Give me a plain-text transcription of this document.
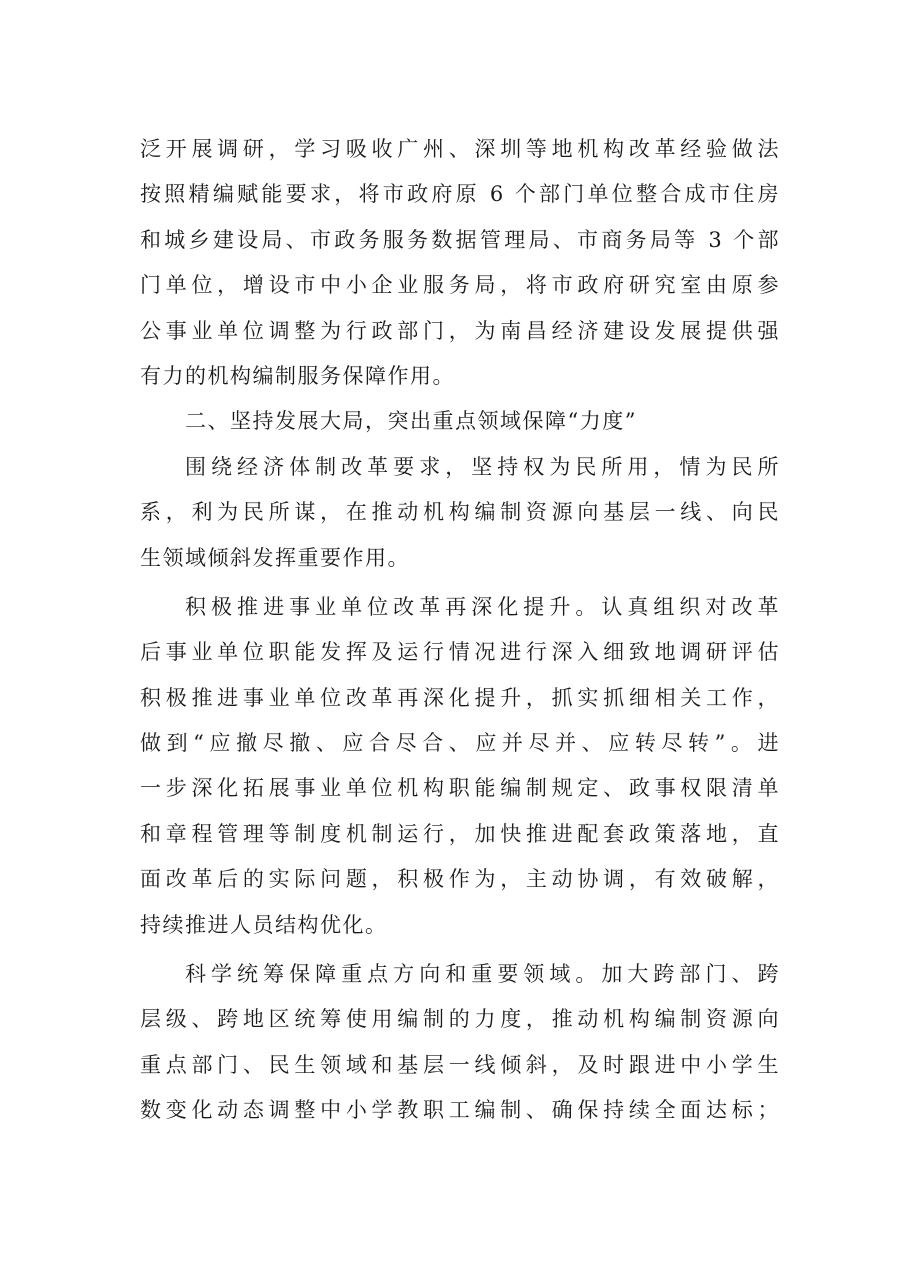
泛开展调研，学习吸收广州、深圳等地机构改革经验做法
按照精编赋能要求，将市政府原 6 个部门单位整合成市住房
和城乡建设局、市政务服务数据管理局、市商务局等 3 个部
门单位，增设市中小企业服务局，将市政府研究室由原参
公事业单位调整为行政部门，为南昌经济建设发展提供强
有力的机构编制服务保障作用。
二、坚持发展大局，突出重点领域保障“力度”
围绕经济体制改革要求，坚持权为民所用，情为民所
系，利为民所谋，在推动机构编制资源向基层一线、向民
生领域倾斜发挥重要作用。
积极推进事业单位改革再深化提升。认真组织对改革
后事业单位职能发挥及运行情况进行深入细致地调研评估
积极推进事业单位改革再深化提升，抓实抓细相关工作，
做到“应撤尽撤、应合尽合、应并尽并、应转尽转”。进
一步深化拓展事业单位机构职能编制规定、政事权限清单
和章程管理等制度机制运行，加快推进配套政策落地，直
面改革后的实际问题，积极作为，主动协调，有效破解，
持续推进人员结构优化。
科学统筹保障重点方向和重要领域。加大跨部门、跨
层级、跨地区统筹使用编制的力度，推动机构编制资源向
重点部门、民生领域和基层一线倾斜，及时跟进中小学生
数变化动态调整中小学教职工编制、确保持续全面达标；
